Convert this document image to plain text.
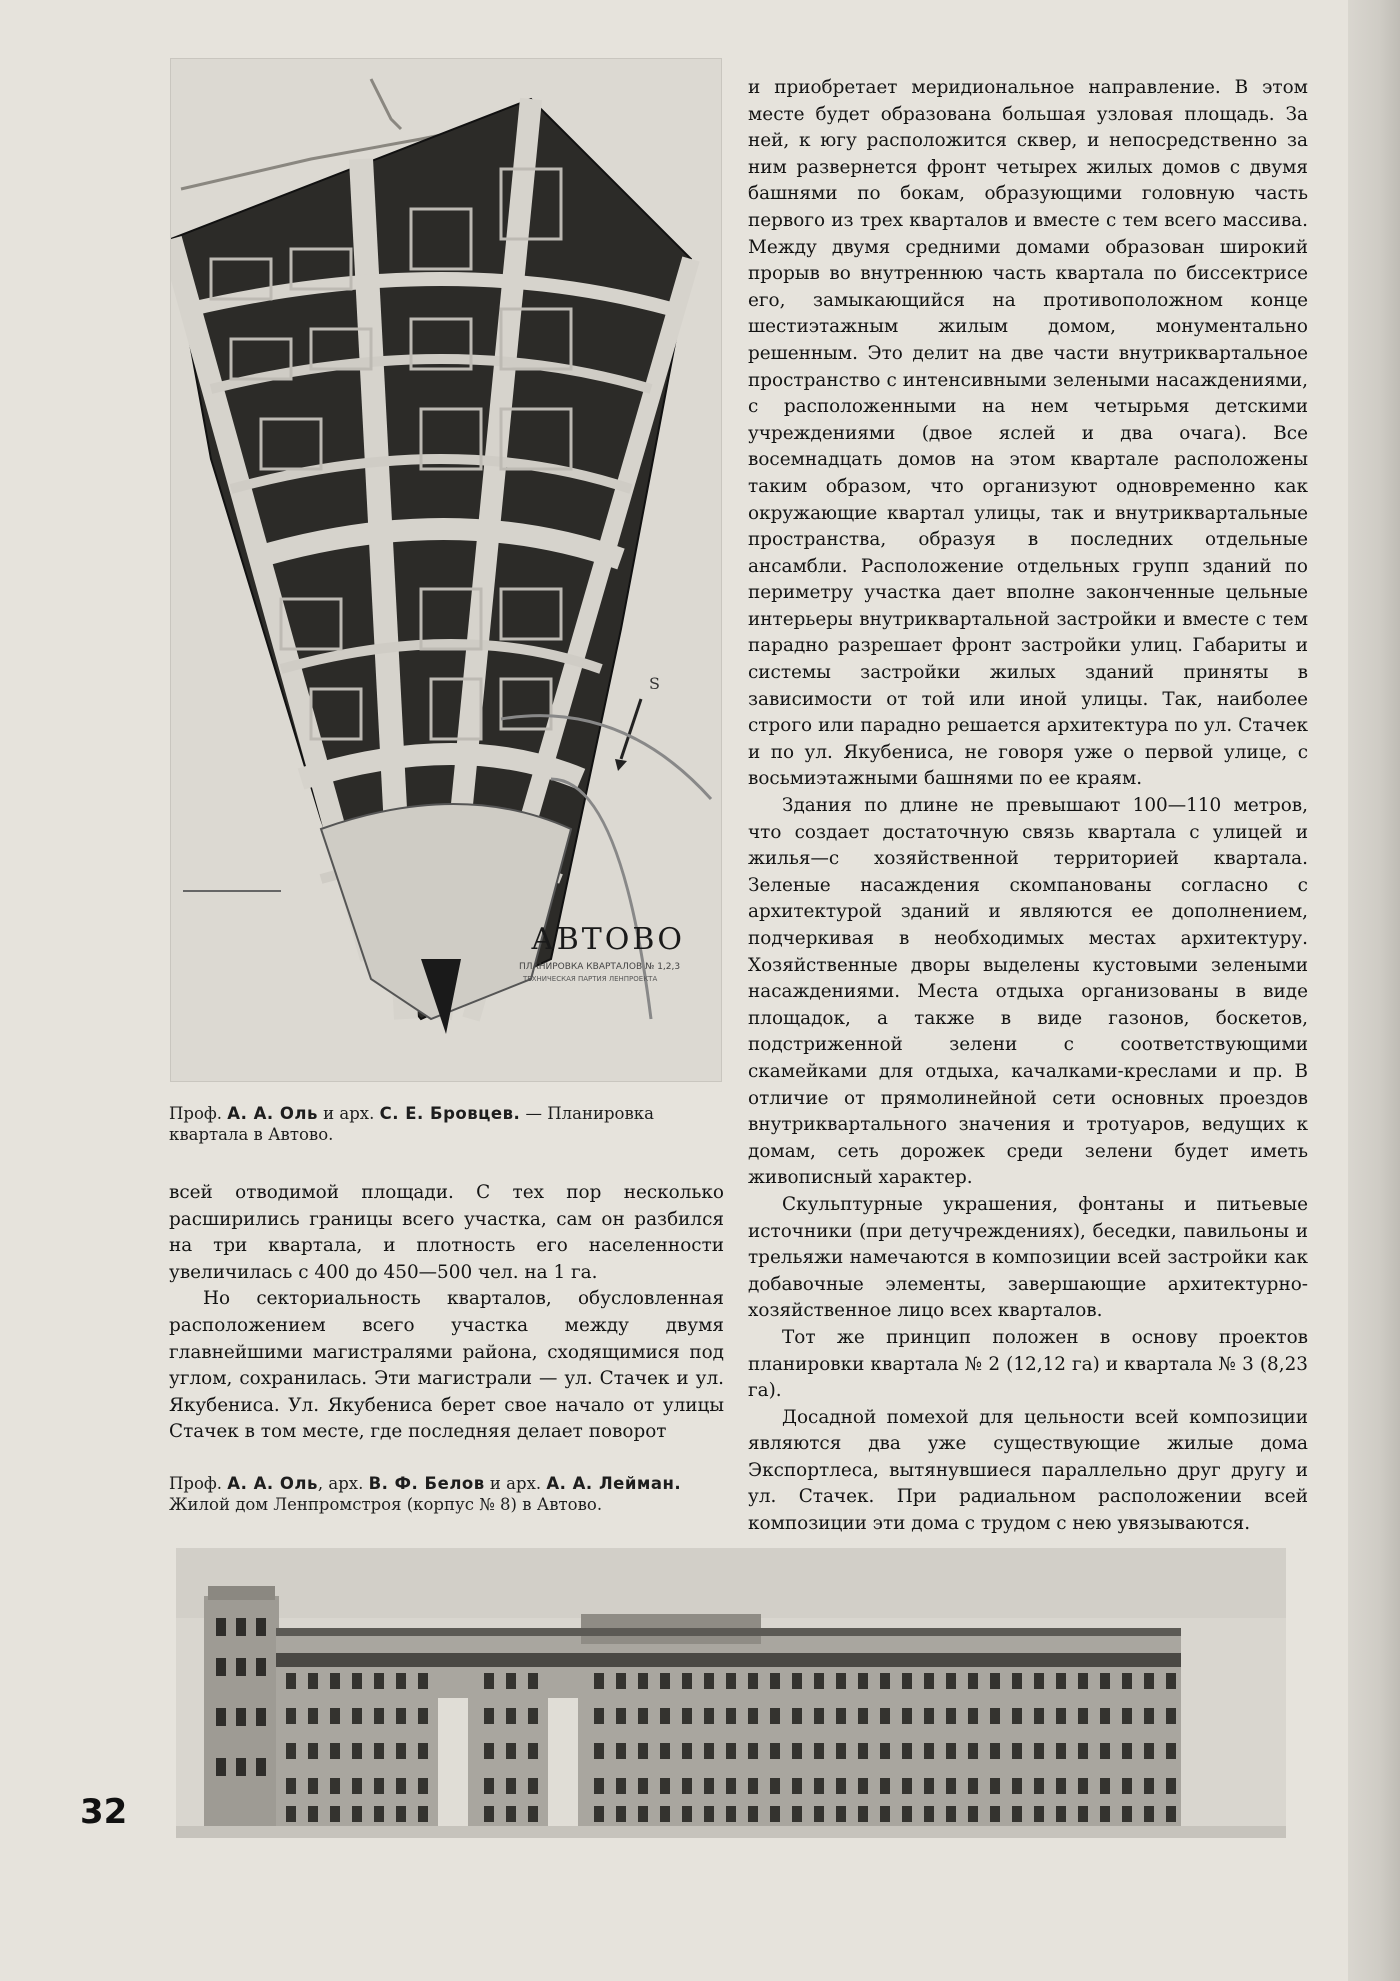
S
АВТОВО
ПЛАНИРОВКА КВАРТАЛОВ № 1,2,3
ТЕХНИЧЕСКАЯ ПАРТИЯ ЛЕНПРОЕКТА
Проф. А. А. Оль и арх. С. Е. Бровцев. — Планировка
квартала в Автово.

всей отводимой площади. С тех пор несколько расширились границы всего участка, сам он разбился на три квартала, и плотность его населенности увеличилась с 400 до 450—500 чел. на 1 га.

Но секториальность кварталов, обусловленная расположением всего участка между двумя главнейшими магистралями района, сходящимися под углом, сохранилась. Эти магистрали — ул. Стачек и ул. Якубениса. Ул. Якубениса берет свое начало от улицы Стачек в том месте, где последняя делает поворот

и приобретает меридиональное направление. В этом месте будет образована большая узловая площадь. За ней, к югу расположится сквер, и непосредственно за ним развернется фронт четырех жилых домов с двумя башнями по бокам, образующими головную часть первого из трех кварталов и вместе с тем всего массива. Между двумя средними домами образован широкий прорыв во внутреннюю часть квартала по биссектрисе его, замыкающийся на противоположном конце шестиэтажным жилым домом, монументально решенным. Это делит на две части внутриквартальное пространство с интенсивными зелеными насаждениями, с расположенными на нем четырьмя детскими учреждениями (двое яслей и два очага). Все восемнадцать домов на этом квартале расположены таким образом, что организуют одновременно как окружающие квартал улицы, так и внутриквартальные пространства, образуя в последних отдельные ансамбли. Расположение отдельных групп зданий по периметру участка дает вполне законченные цельные интерьеры внутриквартальной застройки и вместе с тем парадно разрешает фронт застройки улиц. Габариты и системы застройки жилых зданий приняты в зависимости от той или иной улицы. Так, наиболее строго или парадно решается архитектура по ул. Стачек и по ул. Якубениса, не говоря уже о первой улице, с восьмиэтажными башнями по ее краям.

Здания по длине не превышают 100—110 метров, что создает достаточную связь квартала с улицей и жилья—с хозяйственной территорией квартала. Зеленые насаждения скомпанованы согласно с архитектурой зданий и являются ее дополнением, подчеркивая в необходимых местах архитектуру. Хозяйственные дворы выделены кустовыми зелеными насаждениями. Места отдыха организованы в виде площадок, а также в виде газонов, боскетов, подстриженной зелени с соответствующими скамейками для отдыха, качалками-креслами и пр. В отличие от прямолинейной сети основных проездов внутриквартального значения и тротуаров, ведущих к домам, сеть дорожек среди зелени будет иметь живописный характер.

Скульптурные украшения, фонтаны и питьевые источники (при детучреждениях), беседки, павильоны и трельяжи намечаются в композиции всей застройки как добавочные элементы, завершающие архитектурно-хозяйственное лицо всех кварталов.

Тот же принцип положен в основу проектов планировки квартала № 2 (12,12 га) и квартала № 3 (8,23 га).

Досадной помехой для цельности всей композиции являются два уже существующие жилые дома Экспортлеса, вытянувшиеся параллельно друг другу и ул. Стачек. При радиальном расположении всей композиции эти дома с трудом с нею увязываются.

Проф. А. А. Оль, арх. В. Ф. Белов и арх. А. А. Лейман.
Жилой дом Ленпромстроя (корпус № 8) в Автово.
32
